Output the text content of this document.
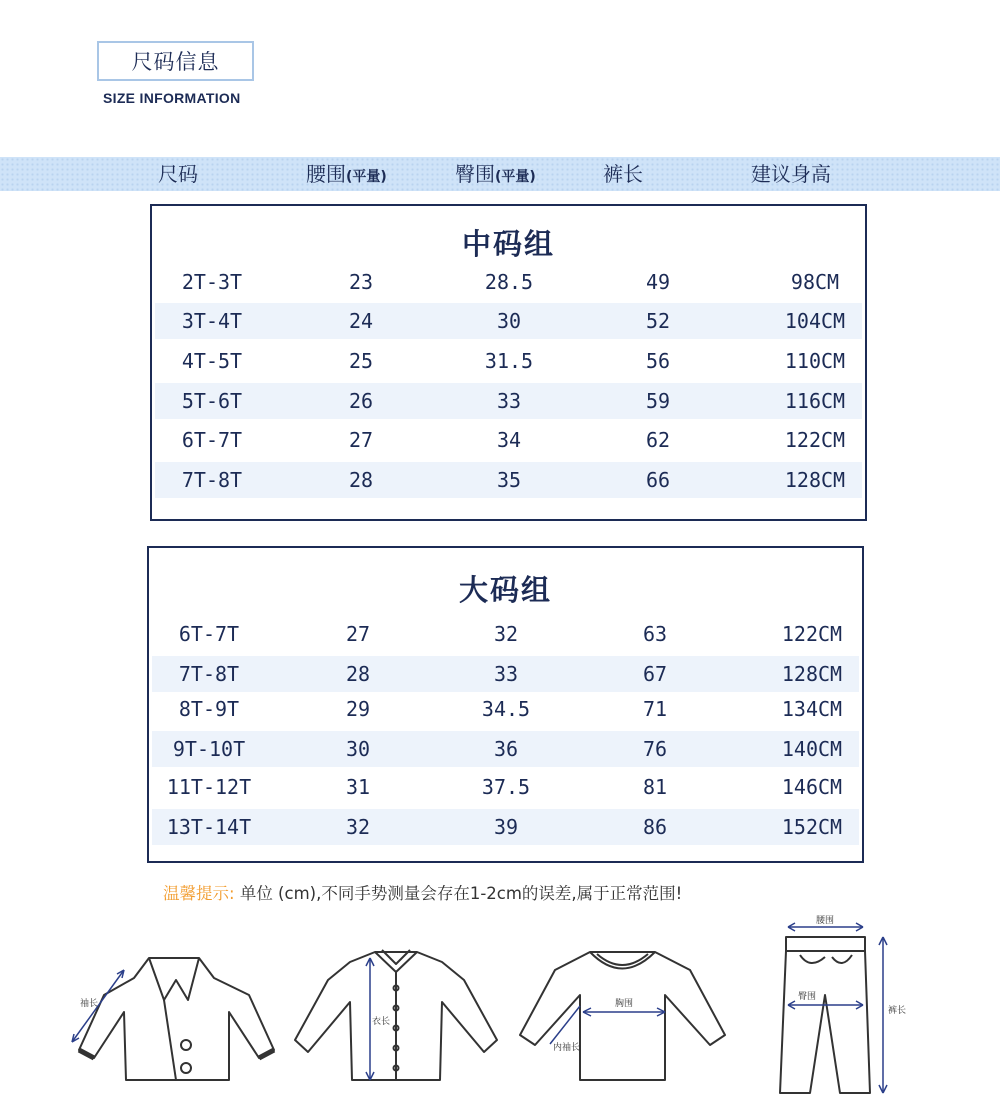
尺码信息
SIZE INFORMATION
尺码	腰围(平量)	臀围(平量)	裤长	建议身高
中码组
2T-3T	23	28.5	49	98CM
3T-4T	24	30	52	104CM
4T-5T	25	31.5	56	110CM
5T-6T	26	33	59	116CM
6T-7T	27	34	62	122CM
7T-8T	28	35	66	128CM
大码组
6T-7T	27	32	63	122CM
7T-8T	28	33	67	128CM
8T-9T	29	34.5	71	134CM
9T-10T	30	36	76	140CM
11T-12T	31	37.5	81	146CM
13T-14T	32	39	86	152CM
温馨提示: 单位 (cm),不同手势测量会存在1-2cm的误差,属于正常范围!
袖长
衣长
胸围
内袖长
腰围
臀围
裤长
